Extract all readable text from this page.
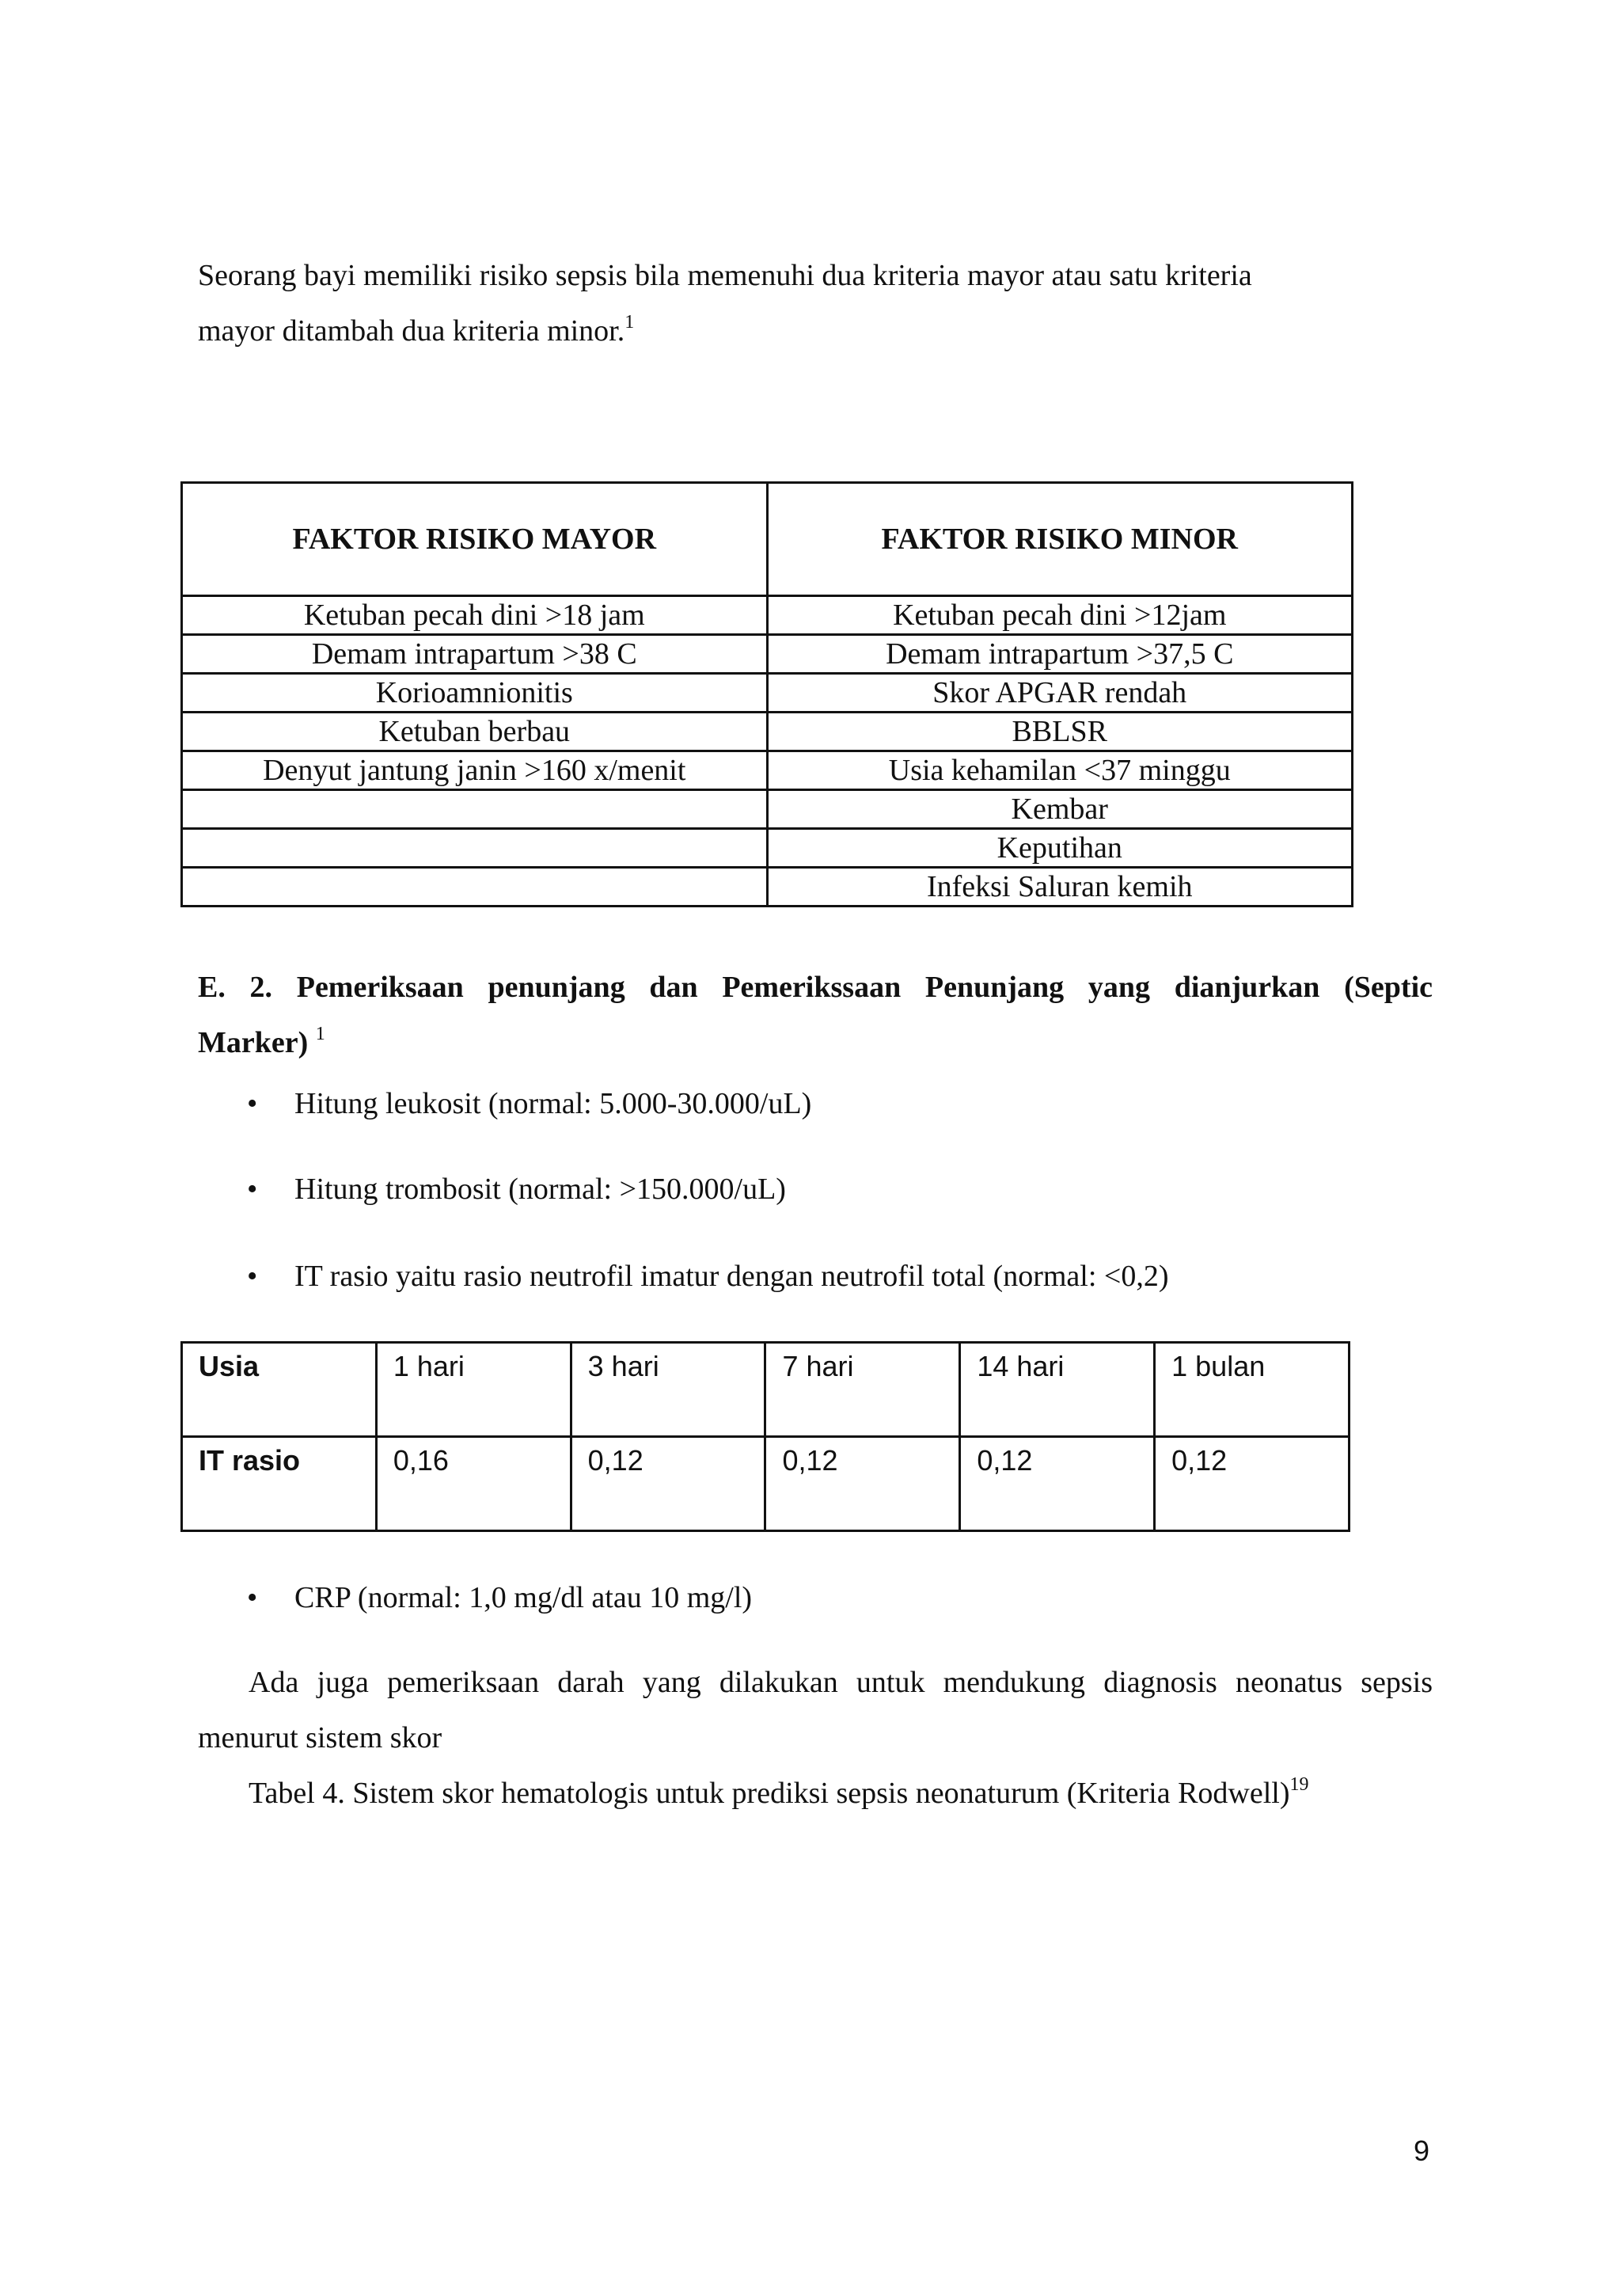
Seorang bayi memiliki risiko sepsis bila memenuhi dua kriteria mayor atau satu kriteria
mayor ditambah dua kriteria minor.$^1$
FAKTOR RISIKO MAYOR	FAKTOR RISIKO MINOR
Ketuban pecah dini >18 jam	Ketuban pecah dini >12jam
Demam intrapartum >38 C	Demam intrapartum >37,5 C
Korioamnionitis	Skor APGAR rendah
Ketuban berbau	BBLSR
Denyut jantung janin >160 x/menit	Usia kehamilan <37 minggu
	Kembar
	Keputihan
	Infeksi Saluran kemih
E. 2. Pemeriksaan penunjang dan Pemerikssaan Penunjang yang dianjurkan (Septic
Marker) $^1$
• Hitung leukosit (normal: 5.000-30.000/uL)
• Hitung trombosit (normal: >150.000/uL)
• IT rasio yaitu rasio neutrofil imatur dengan neutrofil total (normal: <0,2)
Usia	1 hari	3 hari	7 hari	14 hari	1 bulan
IT rasio	0,16	0,12	0,12	0,12	0,12
• CRP (normal: 1,0 mg/dl atau 10 mg/l)
Ada juga pemeriksaan darah yang dilakukan untuk mendukung diagnosis neonatus sepsis
menurut sistem skor
Tabel 4. Sistem skor hematologis untuk prediksi sepsis neonaturum (Kriteria Rodwell)$^{19}$
9
